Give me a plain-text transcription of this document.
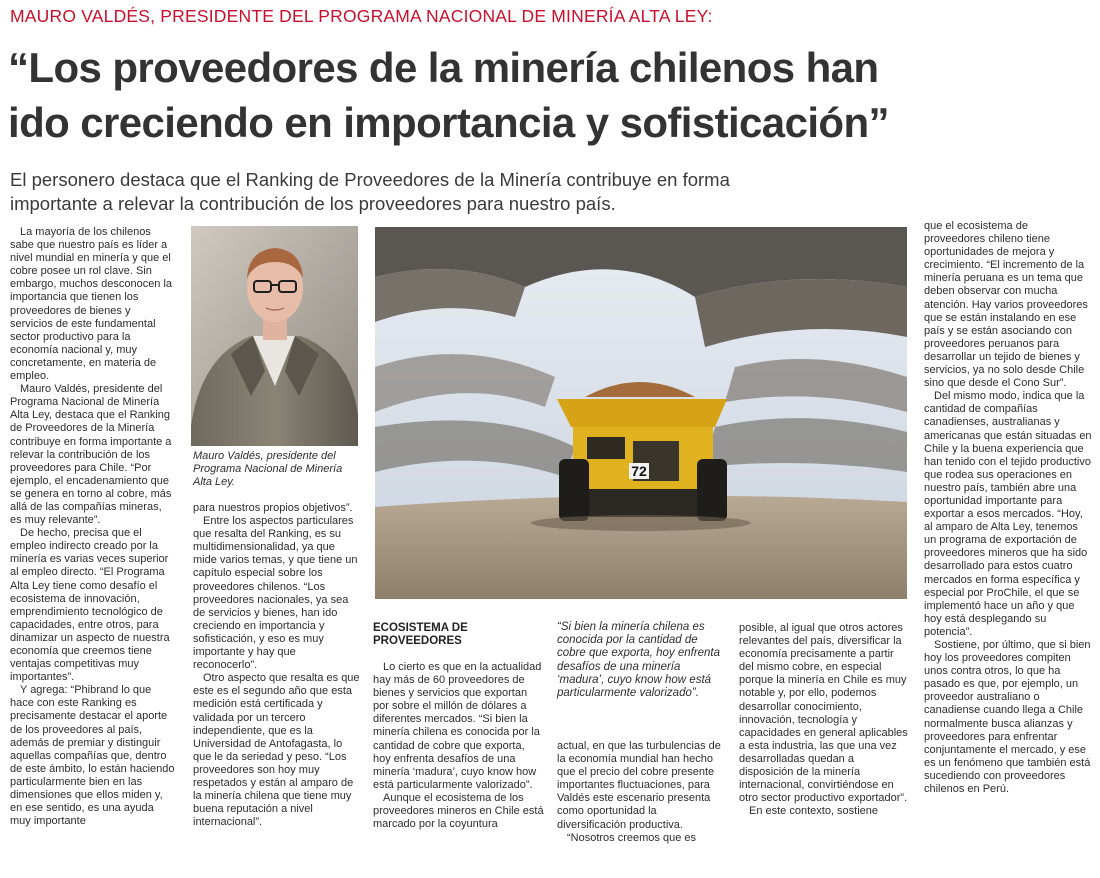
MAURO VALDÉS, PRESIDENTE DEL PROGRAMA NACIONAL DE MINERÍA ALTA LEY:
“Los proveedores de la minería chilenos han
ido creciendo en importancia y sofisticación”
El personero destaca que el Ranking de Proveedores de la Minería contribuye en forma
importante a relevar la contribución de los proveedores para nuestro país.

La mayoría de los chilenos sabe que nuestro país es líder a nivel mundial en minería y que el cobre posee un rol clave. Sin embargo, muchos desconocen la importancia que tienen los proveedores de bienes y servicios de este fundamental sector productivo para la economía nacional y, muy concretamente, en materia de empleo.

Mauro Valdés, presidente del Programa Nacional de Minería Alta Ley, destaca que el Ranking de Proveedores de la Minería contribuye en forma importante a relevar la contribución de los proveedores para Chile. “Por ejemplo, el encadenamiento que se genera en torno al cobre, más allá de las compañías mineras, es muy relevante”.

De hecho, precisa que el empleo indirecto creado por la minería es varias veces superior al empleo directo. “El Programa Alta Ley tiene como desafío el ecosistema de innovación, emprendimiento tecnológico de capacidades, entre otros, para dinamizar un aspecto de nuestra economía que creemos tiene ventajas competitivas muy importantes”.

Y agrega: “Phibrand lo que hace con este Ranking es precisamente destacar el aporte de los proveedores al país, además de premiar y distinguir aquellas compañías que, dentro de este ámbito, lo están haciendo particularmente bien en las dimensiones que ellos miden y, en ese sentido, es una ayuda muy importante

Mauro Valdés, presidente del Programa Nacional de Minería Alta Ley.

para nuestros propios objetivos”.

Entre los aspectos particulares que resalta del Ranking, es su multidimensionalidad, ya que mide varios temas, y que tiene un capítulo especial sobre los proveedores chilenos. “Los proveedores nacionales, ya sea de servicios y bienes, han ido creciendo en importancia y sofisticación, y eso es muy importante y hay que reconocerlo”.

Otro aspecto que resalta es que este es el segundo año que esta medición está certificada y validada por un tercero independiente, que es la Universidad de Antofagasta, lo que le da seriedad y peso. “Los proveedores son hoy muy respetados y están al amparo de la minería chilena que tiene muy buena reputación a nivel internacional”.

72

ECOSISTEMA DE PROVEEDORES

Lo cierto es que en la actualidad hay más de 60 proveedores de bienes y servicios que exportan por sobre el millón de dólares a diferentes mercados. “Si bien la minería chilena es conocida por la cantidad de cobre que exporta, hoy enfrenta desafíos de una minería ‘madura’, cuyo know how está particularmente valorizado”.

Aunque el ecosistema de los proveedores mineros en Chile está marcado por la coyuntura

“Si bien la minería chilena es conocida por la cantidad de cobre que exporta, hoy enfrenta desafíos de una minería ‘madura’, cuyo know how está particularmente valorizado”.

actual, en que las turbulencias de la economía mundial han hecho que el precio del cobre presente importantes fluctuaciones, para Valdés este escenario presenta como oportunidad la diversificación productiva.

“Nosotros creemos que es

posible, al igual que otros actores relevantes del país, diversificar la economía precisamente a partir del mismo cobre, en especial porque la minería en Chile es muy notable y, por ello, podemos desarrollar conocimiento, innovación, tecnología y capacidades en general aplicables a esta industria, las que una vez desarrolladas quedan a disposición de la minería internacional, convirtiéndose en otro sector productivo exportador”.

En este contexto, sostiene

que el ecosistema de proveedores chileno tiene oportunidades de mejora y crecimiento. “El incremento de la minería peruana es un tema que deben observar con mucha atención. Hay varios proveedores que se están instalando en ese país y se están asociando con proveedores peruanos para desarrollar un tejido de bienes y servicios, ya no solo desde Chile sino que desde el Cono Sur”.

Del mismo modo, indica que la cantidad de compañías canadienses, australianas y americanas que están situadas en Chile y la buena experiencia que han tenido con el tejido productivo que rodea sus operaciones en nuestro país, también abre una oportunidad importante para exportar a esos mercados. “Hoy, al amparo de Alta Ley, tenemos un programa de exportación de proveedores mineros que ha sido desarrollado para estos cuatro mercados en forma específica y especial por ProChile, el que se implementó hace un año y que hoy está desplegando su potencia”.

Sostiene, por último, que si bien hoy los proveedores compiten unos contra otros, lo que ha pasado es que, por ejemplo, un proveedor australiano o canadiense cuando llega a Chile normalmente busca alianzas y proveedores para enfrentar conjuntamente el mercado, y ese es un fenómeno que también está sucediendo con proveedores chilenos en Perú.
